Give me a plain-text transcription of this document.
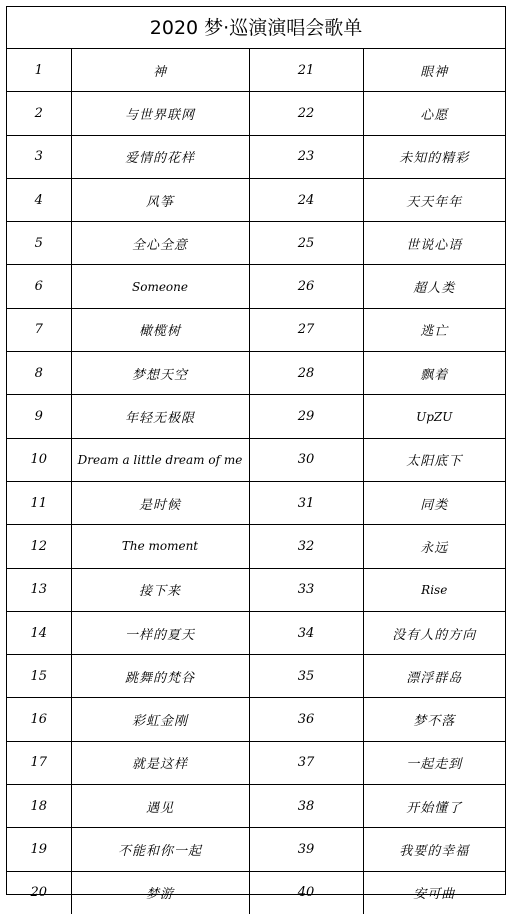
2020 梦·巡演演唱会歌单
1	神	21	眼神
2	与世界联网	22	心愿
3	爱情的花样	23	未知的精彩
4	风筝	24	天天年年
5	全心全意	25	世说心语
6	Someone	26	超人类
7	橄榄树	27	逃亡
8	梦想天空	28	飘着
9	年轻无极限	29	UpZU
10	Dream a little dream of me	30	太阳底下
11	是时候	31	同类
12	The moment	32	永远
13	接下来	33	Rise
14	一样的夏天	34	没有人的方向
15	跳舞的梵谷	35	漂浮群岛
16	彩虹金刚	36	梦不落
17	就是这样	37	一起走到
18	遇见	38	开始懂了
19	不能和你一起	39	我要的幸福
20	梦游	40	安可曲
